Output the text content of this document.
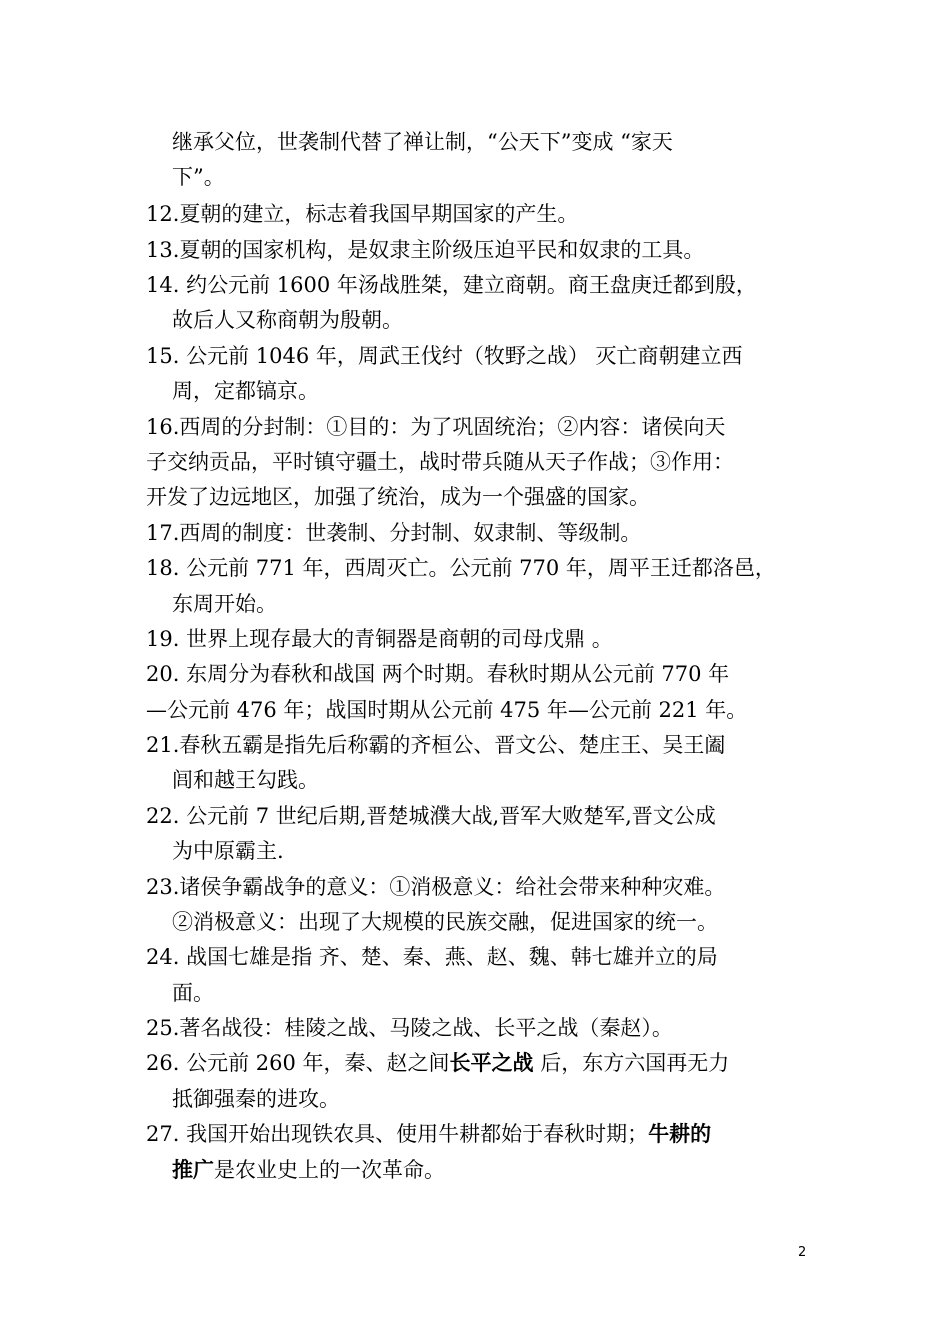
继承父位，世袭制代替了禅让制，“公天下”变成 “家天
下”。
12.夏朝的建立，标志着我国早期国家的产生。
13.夏朝的国家机构，是奴隶主阶级压迫平民和奴隶的工具。
14. 约公元前 1600 年汤战胜桀，建立商朝。商王盘庚迁都到殷，
故后人又称商朝为殷朝。
15. 公元前 1046 年，周武王伐纣（牧野之战） 灭亡商朝建立西
周，定都镐京。
16.西周的分封制：①目的：为了巩固统治；②内容：诸侯向天
子交纳贡品，平时镇守疆土，战时带兵随从天子作战；③作用：
开发了边远地区，加强了统治，成为一个强盛的国家。
17.西周的制度：世袭制、分封制、奴隶制、等级制。
18. 公元前 771 年，西周灭亡。公元前 770 年，周平王迁都洛邑，
东周开始。
19. 世界上现存最大的青铜器是商朝的司母戊鼎 。
20. 东周分为春秋和战国 两个时期。春秋时期从公元前 770 年
—公元前 476 年；战国时期从公元前 475 年—公元前 221 年。
21.春秋五霸是指先后称霸的齐桓公、晋文公、楚庄王、吴王阖
闾和越王勾践。
22. 公元前 7 世纪后期,晋楚城濮大战,晋军大败楚军,晋文公成
为中原霸主.
23.诸侯争霸战争的意义：①消极意义：给社会带来种种灾难。
②消极意义：出现了大规模的民族交融，促进国家的统一。
24. 战国七雄是指 齐、楚、秦、燕、赵、魏、韩七雄并立的局
面。
25.著名战役：桂陵之战、马陵之战、长平之战（秦赵）。
26. 公元前 260 年，秦、赵之间长平之战 后，东方六国再无力
抵御强秦的进攻。
27. 我国开始出现铁农具、使用牛耕都始于春秋时期；牛耕的
推广是农业史上的一次革命。
2
